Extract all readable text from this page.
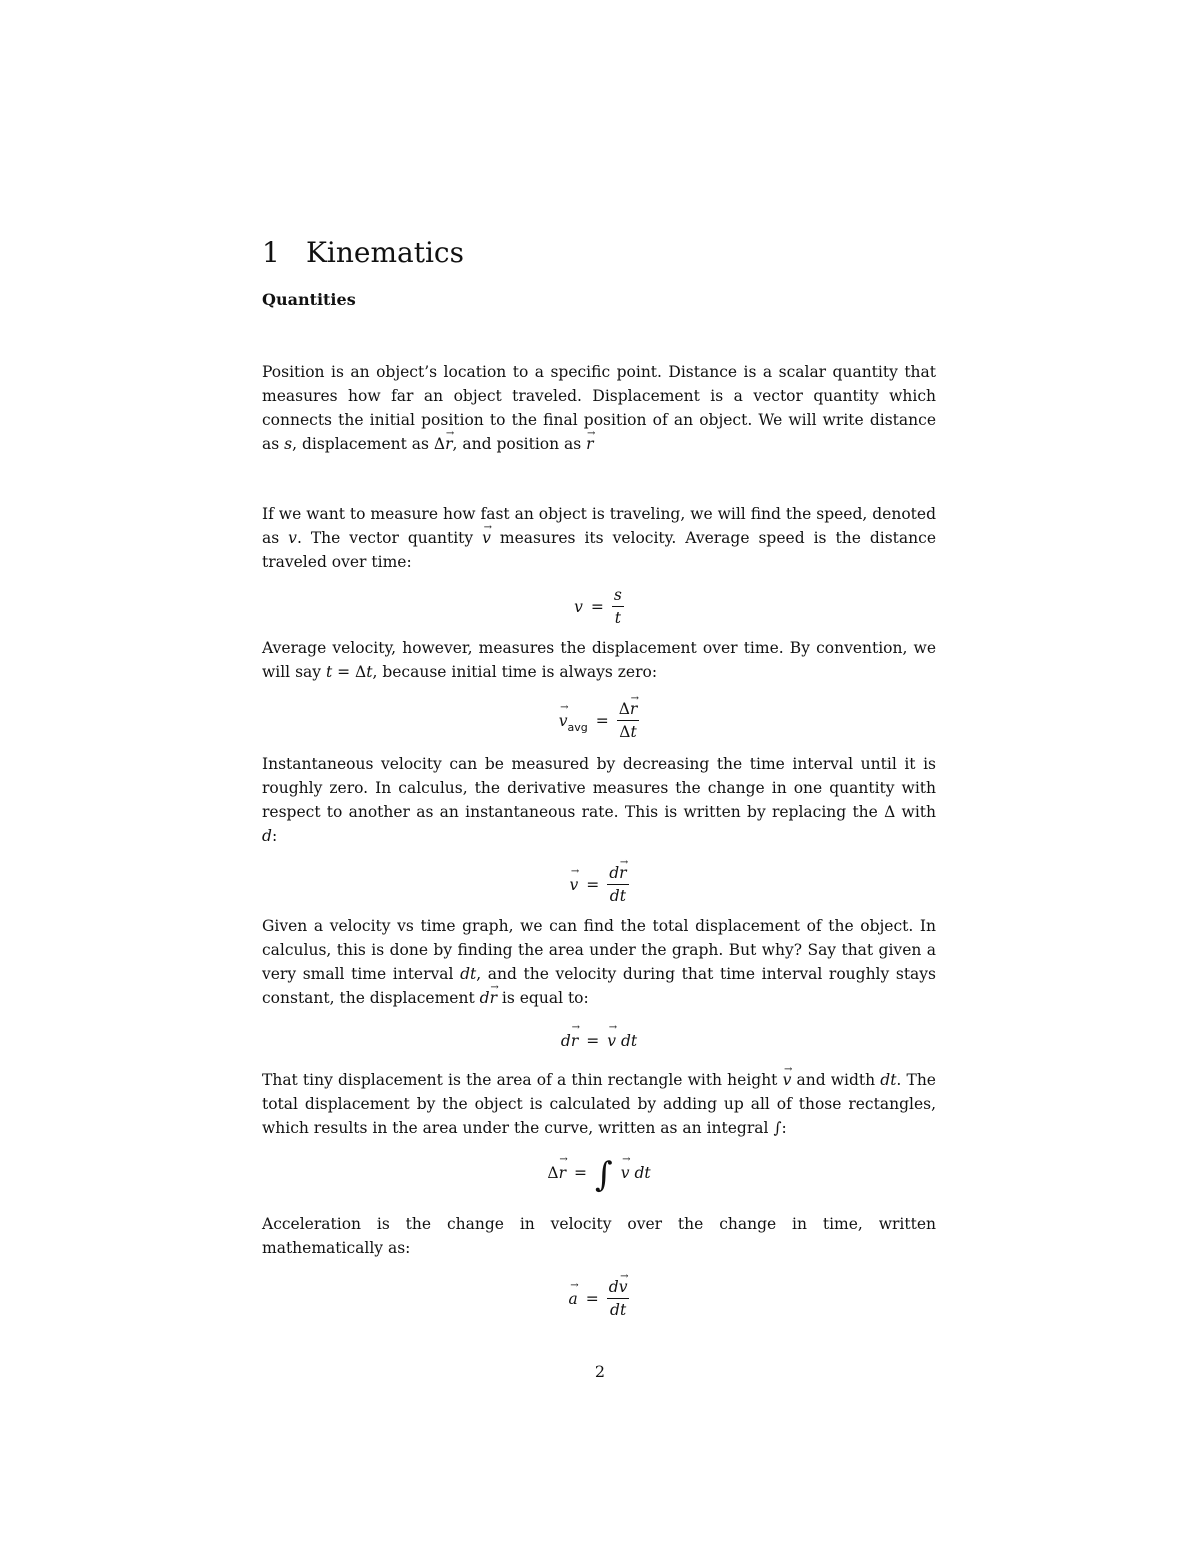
1 Kinematics
Quantities

Position is an object’s location to a specific point. Distance is a scalar quantity that measures how far an object traveled. Displacement is a vector quantity which connects the initial position to the final position of an object. We will write distance as s, displacement as Δr →, and position as r →

If we want to measure how fast an object is traveling, we will find the speed, denoted as v. The vector quantity v → measures its velocity. Average speed is the distance traveled over time:

$v = \frac{s}{t}$

Average velocity, however, measures the displacement over time. By convention, we will say t = Δt, because initial time is always zero:

$v \to_{avg} = \frac{\Delta r \to}{\Delta t}$

Instantaneous velocity can be measured by decreasing the time interval until it is roughly zero. In calculus, the derivative measures the change in one quantity with respect to another as an instantaneous rate. This is written by replacing the Δ with d:

v → = $\frac{dr \to}{dt}$

Given a velocity vs time graph, we can find the total displacement of the object. In calculus, this is done by finding the area under the graph. But why? Say that given a very small time interval dt, and the velocity during that time interval roughly stays constant, the displacement dr → is equal to:

dr → = v → dt

That tiny displacement is the area of a thin rectangle with height v → and width dt. The total displacement by the object is calculated by adding up all of those rectangles, which results in the area under the curve, written as an integral ∫:

Δr → = ∫ v → dt

Acceleration is the change in velocity over the change in time, written mathematically as:

a → = $\frac{dv \to}{dt}$
2
